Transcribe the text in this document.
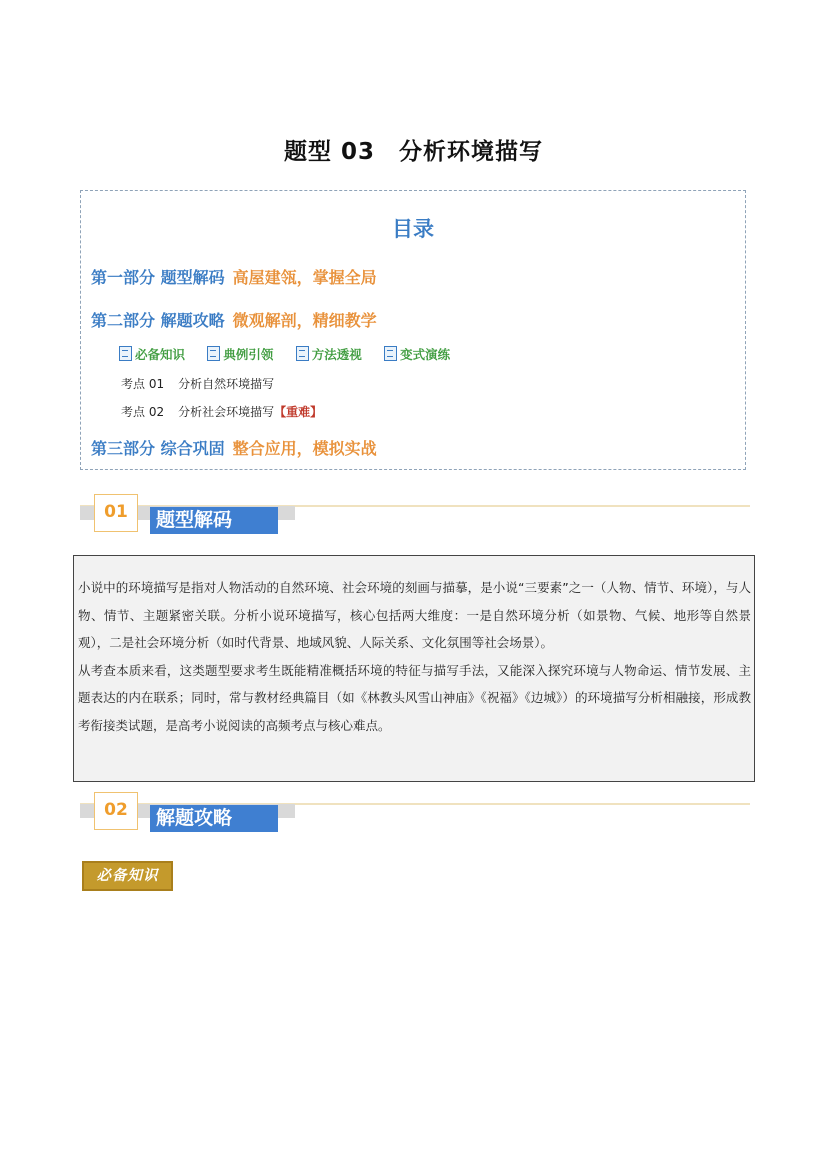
题型 03　分析环境描写
目录
第一部分 题型解码 高屋建瓴，掌握全局
第二部分 解题攻略 微观解剖，精细教学
必备知识	典例引领	方法透视	变式演练
考点 01 分析自然环境描写
考点 02 分析社会环境描写【重难】
第三部分 综合巩固 整合应用，模拟实战
01	题型解码

小说中的环境描写是指对人物活动的自然环境、社会环境的刻画与描摹，是小说“三要素”之一（人物、情节、环境），与人物、情节、主题紧密关联。分析小说环境描写，核心包括两大维度：一是自然环境分析（如景物、气候、地形等自然景观），二是社会环境分析（如时代背景、地域风貌、人际关系、文化氛围等社会场景）。

从考查本质来看，这类题型要求考生既能精准概括环境的特征与描写手法，又能深入探究环境与人物命运、情节发展、主题表达的内在联系；同时，常与教材经典篇目（如《林教头风雪山神庙》《祝福》《边城》）的环境描写分析相融接，形成教考衔接类试题，是高考小说阅读的高频考点与核心难点。

02	解题攻略
必备知识
